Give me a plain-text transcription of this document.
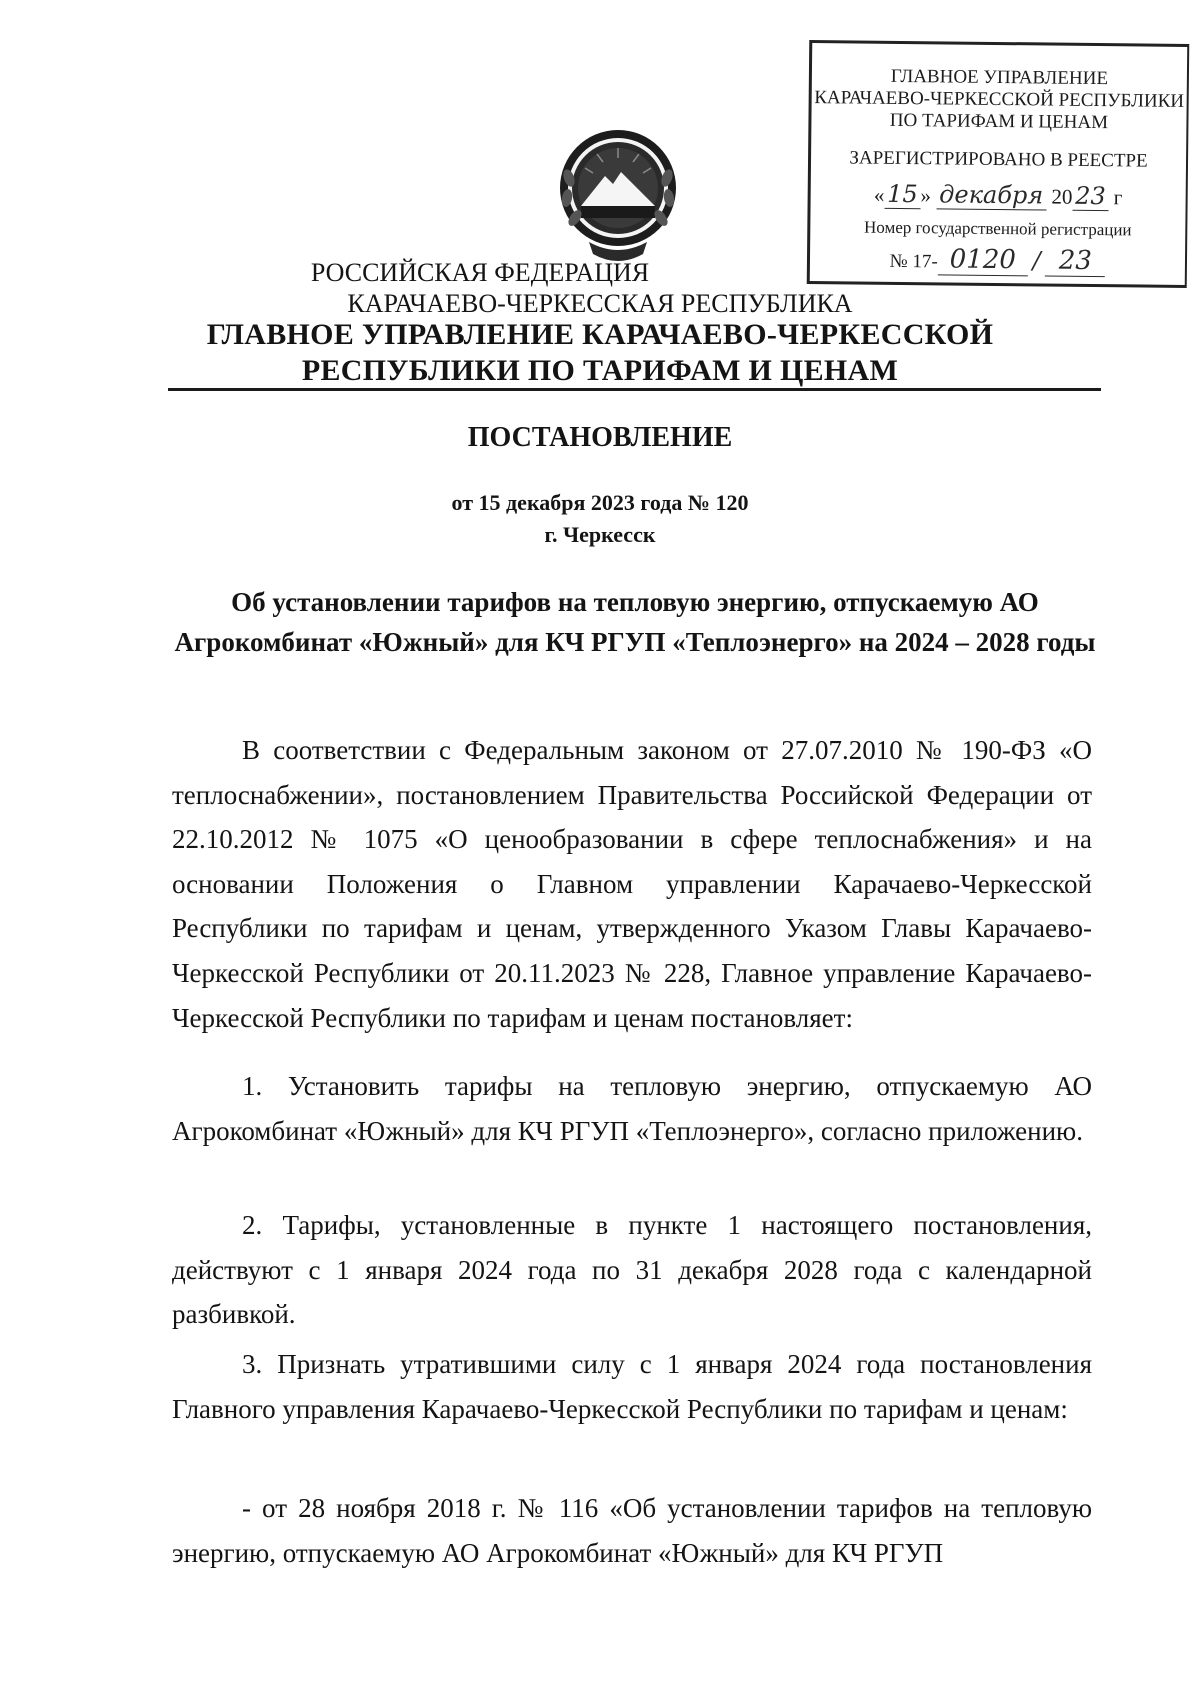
ГЛАВНОЕ УПРАВЛЕНИЕ
КАРАЧАЕВО-ЧЕРКЕССКОЙ РЕСПУБЛИКИ
ПО ТАРИФАМ И ЦЕНАМ
ЗАРЕГИСТРИРОВАНО В РЕЕСТРЕ
« 15 » декабря 20 23 г
Номер государственной регистрации
№ 17- 0120 / 23
РОССИЙСКАЯ ФЕДЕРАЦИЯ
КАРАЧАЕВО-ЧЕРКЕССКАЯ РЕСПУБЛИКА
ГЛАВНОЕ УПРАВЛЕНИЕ КАРАЧАЕВО-ЧЕРКЕССКОЙ
РЕСПУБЛИКИ ПО ТАРИФАМ И ЦЕНАМ
ПОСТАНОВЛЕНИЕ
от 15 декабря 2023 года № 120
г. Черкесск
Об установлении тарифов на тепловую энергию, отпускаемую АО Агрокомбинат «Южный» для КЧ РГУП «Теплоэнерго» на 2024 – 2028 годы
В соответствии с Федеральным законом от 27.07.2010 № 190-ФЗ «О теплоснабжении», постановлением Правительства Российской Федерации от 22.10.2012 № 1075 «О ценообразовании в сфере теплоснабжения» и на основании Положения о Главном управлении Карачаево-Черкесской Республики по тарифам и ценам, утвержденного Указом Главы Карачаево-Черкесской Республики от 20.11.2023 № 228, Главное управление Карачаево-Черкесской Республики по тарифам и ценам постановляет:
1. Установить тарифы на тепловую энергию, отпускаемую АО Агрокомбинат «Южный» для КЧ РГУП «Теплоэнерго», согласно приложению.
2. Тарифы, установленные в пункте 1 настоящего постановления, действуют с 1 января 2024 года по 31 декабря 2028 года с календарной разбивкой.
3. Признать утратившими силу с 1 января 2024 года постановления Главного управления Карачаево-Черкесской Республики по тарифам и ценам:
- от 28 ноября 2018 г. № 116 «Об установлении тарифов на тепловую энергию, отпускаемую АО Агрокомбинат «Южный» для КЧ РГУП
